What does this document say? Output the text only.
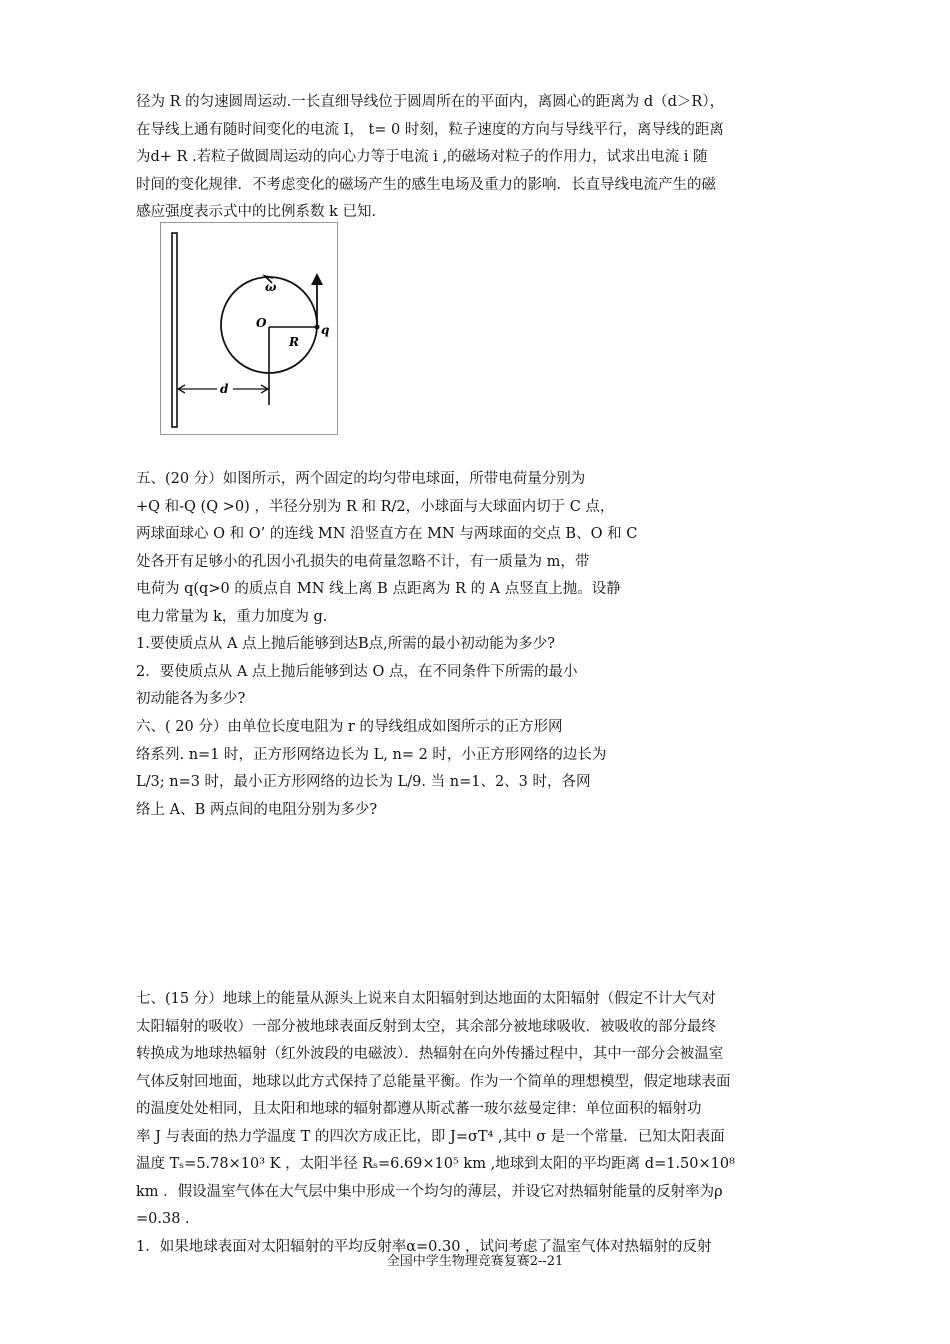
径为 R 的匀速圆周运动.一长直细导线位于圆周所在的平面内，离圆心的距离为 d（d＞R），
在导线上通有随时间变化的电流 I， t= 0 时刻，粒子速度的方向与导线平行，离导线的距离
为d+ R .若粒子做圆周运动的向心力等于电流 i ,的磁场对粒子的作用力，试求出电流 i 随
时间的变化规律．不考虑变化的磁场产生的感生电场及重力的影响．长直导线电流产生的磁
感应强度表示式中的比例系数 k 已知.
ω
O
R
q
d
五、(20 分）如图所示，两个固定的均匀带电球面，所带电荷量分别为
+Q 和-Q (Q >0) ，半径分别为 R 和 R/2，小球面与大球面内切于 C 点，
两球面球心 O 和 O’ 的连线 MN 沿竖直方在 MN 与两球面的交点 B、O 和 C
处各开有足够小的孔因小孔损失的电荷量忽略不计，有一质量为 m，带
电荷为 q(q>0 的质点自 MN 线上离 B 点距离为 R 的 A 点竖直上抛。设静
电力常量为 k，重力加度为 g.
1.要使质点从 A 点上抛后能够到达B点,所需的最小初动能为多少?
2．要使质点从 A 点上抛后能够到达 O 点，在不同条件下所需的最小
初动能各为多少?
六、( 20 分）由单位长度电阻为 r 的导线组成如图所示的正方形网
络系列. n=1 时，正方形网络边长为 L, n= 2 时，小正方形网络的边长为
L/3; n=3 时，最小正方形网络的边长为 L/9. 当 n=1、2、3 时，各网
络上 A、B 两点间的电阻分别为多少?
七、(15 分）地球上的能量从源头上说来自太阳辐射到达地面的太阳辐射（假定不计大气对
太阳辐射的吸收）一部分被地球表面反射到太空，其余部分被地球吸收．被吸收的部分最终
转换成为地球热辐射（红外波段的电磁波）．热辐射在向外传播过程中，其中一部分会被温室
气体反射回地面，地球以此方式保持了总能量平衡。作为一个简单的理想模型，假定地球表面
的温度处处相同，且太阳和地球的辐射都遵从斯忒蕃一玻尔兹曼定律：单位面积的辐射功
率 J 与表面的热力学温度 T 的四次方成正比，即 J=σT⁴ ,其中 σ 是一个常量．已知太阳表面
温度 Tₛ=5.78×10³ K ，太阳半径 Rₛ=6.69×10⁵ km ,地球到太阳的平均距离 d=1.50×10⁸
km ．假设温室气体在大气层中集中形成一个均匀的薄层，并设它对热辐射能量的反射率为ρ
=0.38 .
1．如果地球表面对太阳辐射的平均反射率α=0.30 ，试问考虑了温室气体对热辐射的反射
全国中学生物理竞赛复赛2--21
